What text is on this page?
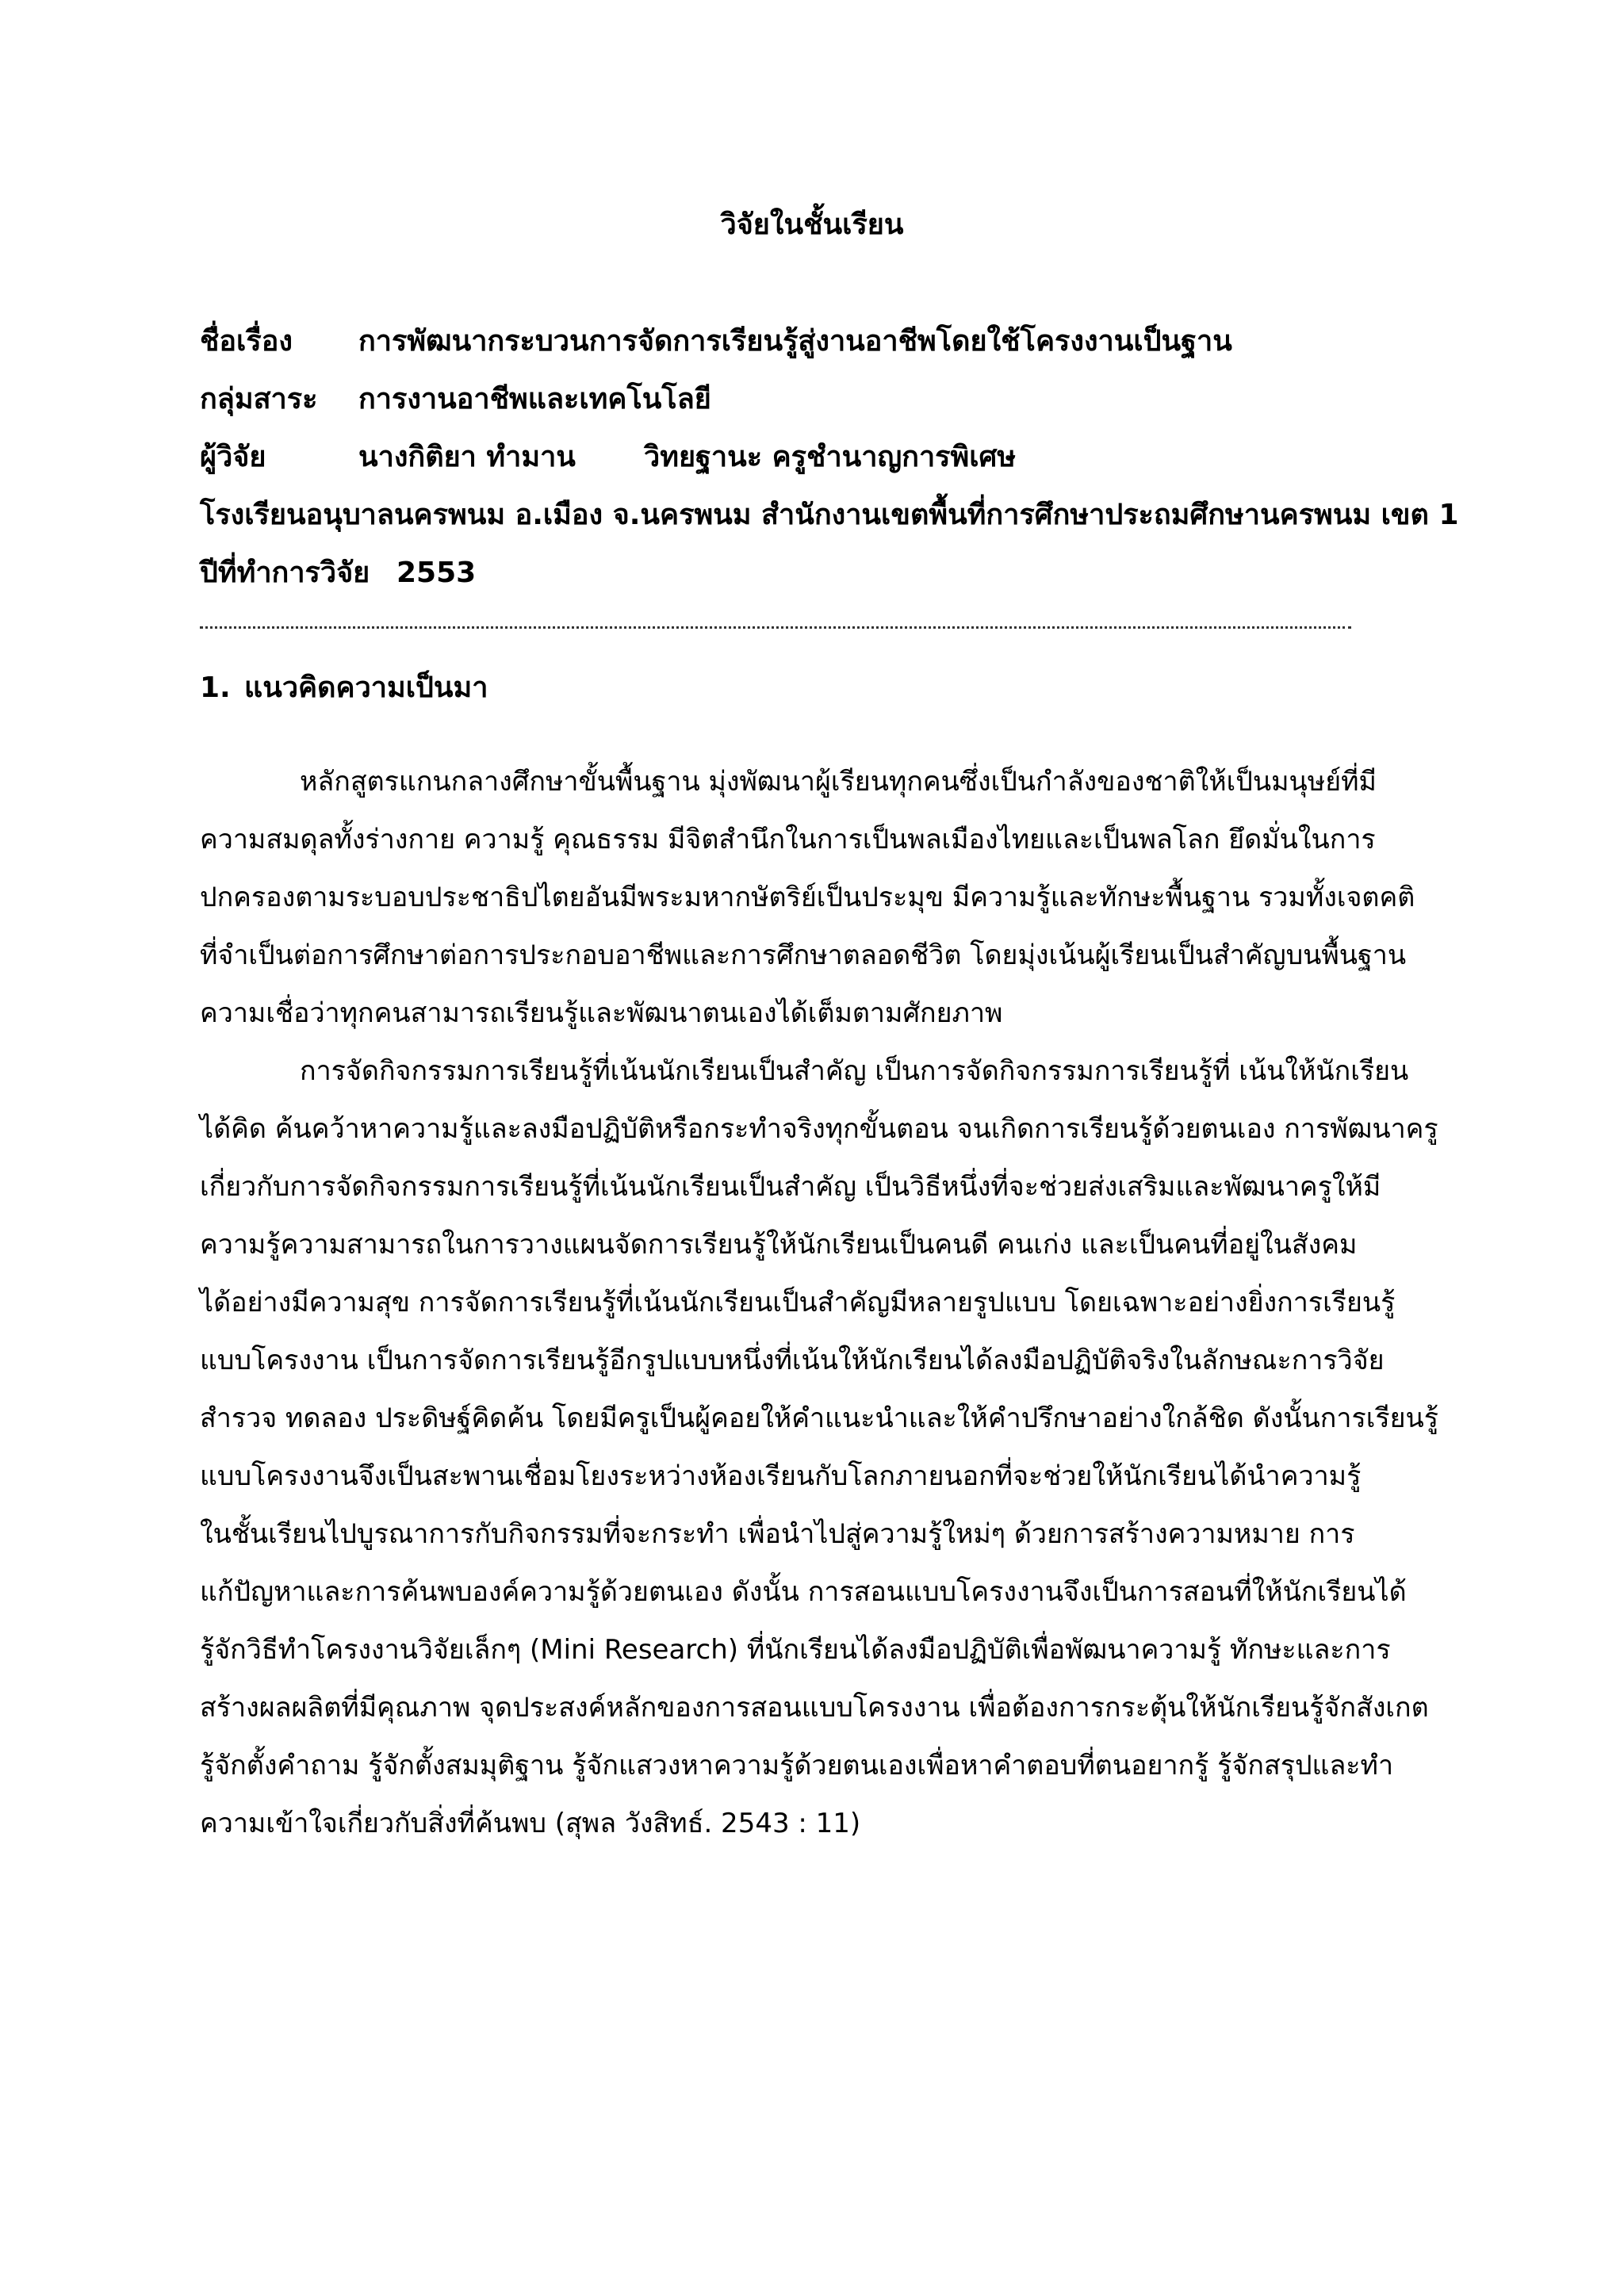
วิจัยในชั้นเรียน
ชื่อเรื่อง การพัฒนากระบวนการจัดการเรียนรู้สู่งานอาชีพโดยใช้โครงงานเป็นฐาน
กลุ่มสาระ การงานอาชีพและเทคโนโลยี
ผู้วิจัย	นางกิติยา ทำมาน วิทยฐานะ ครูชำนาญการพิเศษ
โรงเรียนอนุบาลนครพนม อ.เมือง จ.นครพนม สำนักงานเขตพื้นที่การศึกษาประถมศึกษานครพนม เขต 1
ปีที่ทำการวิจัย 2553
1. แนวคิดความเป็นมา
หลักสูตรแกนกลางศึกษาขั้นพื้นฐาน มุ่งพัฒนาผู้เรียนทุกคนซึ่งเป็นกำลังของชาติให้เป็นมนุษย์ที่มี
ความสมดุลทั้งร่างกาย ความรู้ คุณธรรม มีจิตสำนึกในการเป็นพลเมืองไทยและเป็นพลโลก ยึดมั่นในการ
ปกครองตามระบอบประชาธิปไตยอันมีพระมหากษัตริย์เป็นประมุข มีความรู้และทักษะพื้นฐาน รวมทั้งเจตคติ
ที่จำเป็นต่อการศึกษาต่อการประกอบอาชีพและการศึกษาตลอดชีวิต โดยมุ่งเน้นผู้เรียนเป็นสำคัญบนพื้นฐาน
ความเชื่อว่าทุกคนสามารถเรียนรู้และพัฒนาตนเองได้เต็มตามศักยภาพ
การจัดกิจกรรมการเรียนรู้ที่เน้นนักเรียนเป็นสำคัญ เป็นการจัดกิจกรรมการเรียนรู้ที่ เน้นให้นักเรียน
ได้คิด ค้นคว้าหาความรู้และลงมือปฏิบัติหรือกระทำจริงทุกขั้นตอน จนเกิดการเรียนรู้ด้วยตนเอง การพัฒนาครู
เกี่ยวกับการจัดกิจกรรมการเรียนรู้ที่เน้นนักเรียนเป็นสำคัญ เป็นวิธีหนึ่งที่จะช่วยส่งเสริมและพัฒนาครูให้มี
ความรู้ความสามารถในการวางแผนจัดการเรียนรู้ให้นักเรียนเป็นคนดี คนเก่ง และเป็นคนที่อยู่ในสังคม
ได้อย่างมีความสุข การจัดการเรียนรู้ที่เน้นนักเรียนเป็นสำคัญมีหลายรูปแบบ โดยเฉพาะอย่างยิ่งการเรียนรู้
แบบโครงงาน เป็นการจัดการเรียนรู้อีกรูปแบบหนึ่งที่เน้นให้นักเรียนได้ลงมือปฏิบัติจริงในลักษณะการวิจัย
สำรวจ ทดลอง ประดิษฐ์คิดค้น โดยมีครูเป็นผู้คอยให้คำแนะนำและให้คำปรึกษาอย่างใกล้ชิด ดังนั้นการเรียนรู้
แบบโครงงานจึงเป็นสะพานเชื่อมโยงระหว่างห้องเรียนกับโลกภายนอกที่จะช่วยให้นักเรียนได้นำความรู้
ในชั้นเรียนไปบูรณาการกับกิจกรรมที่จะกระทำ เพื่อนำไปสู่ความรู้ใหม่ๆ ด้วยการสร้างความหมาย การ
แก้ปัญหาและการค้นพบองค์ความรู้ด้วยตนเอง ดังนั้น การสอนแบบโครงงานจึงเป็นการสอนที่ให้นักเรียนได้
รู้จักวิธีทำโครงงานวิจัยเล็กๆ (Mini Research) ที่นักเรียนได้ลงมือปฏิบัติเพื่อพัฒนาความรู้ ทักษะและการ
สร้างผลผลิตที่มีคุณภาพ จุดประสงค์หลักของการสอนแบบโครงงาน เพื่อต้องการกระตุ้นให้นักเรียนรู้จักสังเกต
รู้จักตั้งคำถาม รู้จักตั้งสมมุติฐาน รู้จักแสวงหาความรู้ด้วยตนเองเพื่อหาคำตอบที่ตนอยากรู้ รู้จักสรุปและทำ
ความเข้าใจเกี่ยวกับสิ่งที่ค้นพบ (สุพล วังสิทธ์. 2543 : 11)
